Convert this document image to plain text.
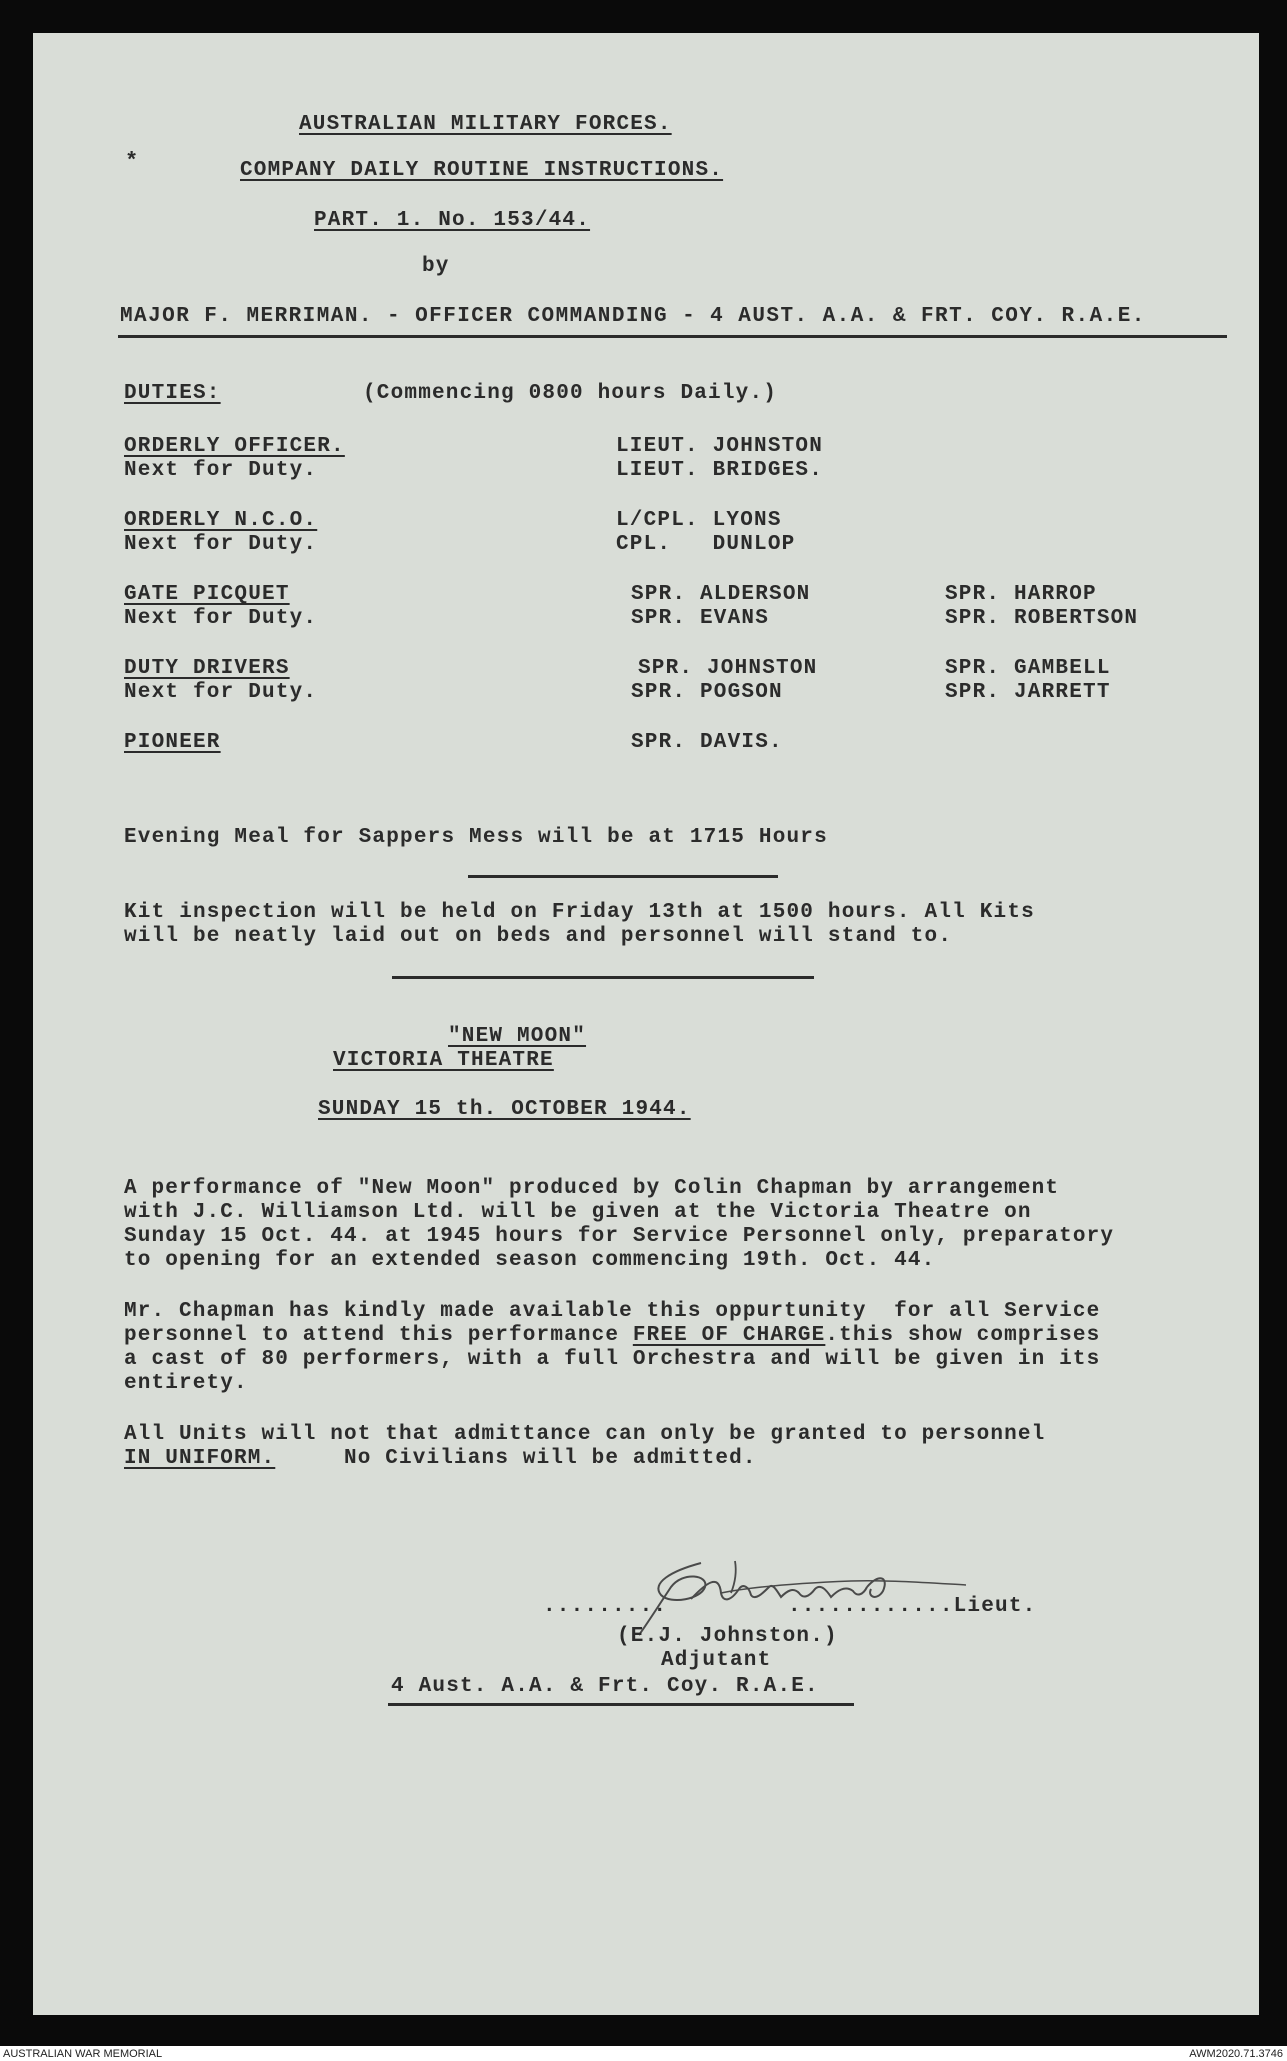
AUSTRALIAN MILITARY FORCES.
*	COMPANY DAILY ROUTINE INSTRUCTIONS.
PART. 1. No. 153/44.
by
MAJOR F. MERRIMAN. - OFFICER COMMANDING - 4 AUST. A.A. & FRT. COY. R.A.E.
DUTIES:	(Commencing 0800 hours Daily.)
ORDERLY OFFICER.	LIEUT. JOHNSTON
Next for Duty.	LIEUT. BRIDGES.
ORDERLY N.C.O.	L/CPL. LYONS
Next for Duty.	CPL.   DUNLOP
GATE PICQUET	SPR. ALDERSON	SPR. HARROP
Next for Duty.	SPR. EVANS	SPR. ROBERTSON
DUTY DRIVERS	SPR. JOHNSTON	SPR. GAMBELL
Next for Duty.	SPR. POGSON	SPR. JARRETT
PIONEER	SPR. DAVIS.
Evening Meal for Sappers Mess will be at 1715 Hours
Kit inspection will be held on Friday 13th at 1500 hours. All Kits
will be neatly laid out on beds and personnel will stand to.
"NEW MOON"
VICTORIA THEATRE
SUNDAY 15 th. OCTOBER 1944.
A performance of "New Moon" produced by Colin Chapman by arrangement
with J.C. Williamson Ltd. will be given at the Victoria Theatre on
Sunday 15 Oct. 44. at 1945 hours for Service Personnel only, preparatory
to opening for an extended season commencing 19th. Oct. 44.
Mr. Chapman has kindly made available this oppurtunity  for all Service
personnel to attend this performance FREE OF CHARGE.this show comprises
a cast of 80 performers, with a full Orchestra and will be given in its
entirety.
All Units will not that admittance can only be granted to personnel
IN UNIFORM.     No Civilians will be admitted.
.........	............Lieut.
(E.J. Johnston.)
Adjutant
4 Aust. A.A. & Frt. Coy. R.A.E.
AUSTRALIAN WAR MEMORIAL	AWM2020.71.3746
